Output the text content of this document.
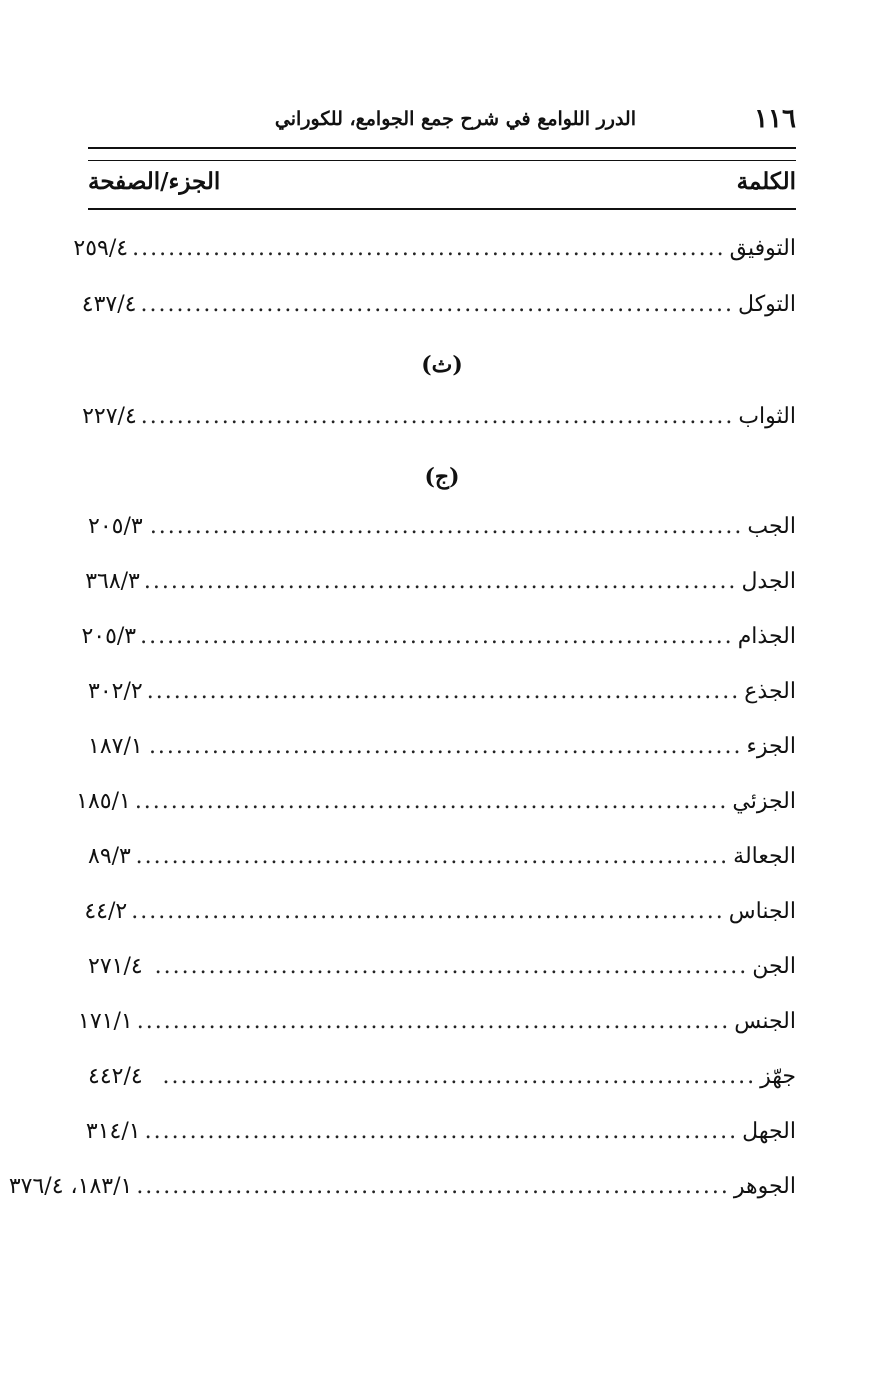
١١٦
الدرر اللوامع في شرح جمع الجوامع، للكوراني
الكلمة
الجزء/الصفحة
التوفيق
..................................................................
٢٥٩/٤
التوكل
..................................................................
٤٣٧/٤
(ث)
الثواب
..................................................................
٢٢٧/٤
(ج)
الجب
..................................................................
٢٠٥/٣
الجدل
..................................................................
٣٦٨/٣
الجذام
..................................................................
٢٠٥/٣
الجذع
..................................................................
٣٠٢/٢
الجزء
..................................................................
١٨٧/١
الجزئي
..................................................................
١٨٥/١
الجعالة
..................................................................
٨٩/٣
الجناس
..................................................................
٤٤/٢
الجن
..................................................................
٢٧١/٤
الجنس
..................................................................
١٧١/١
جهّز
..................................................................
٤٤٢/٤
الجهل
..................................................................
٣١٤/١
الجوهر
..................................................................
١٨٣/١، ٣٧٦/٤
